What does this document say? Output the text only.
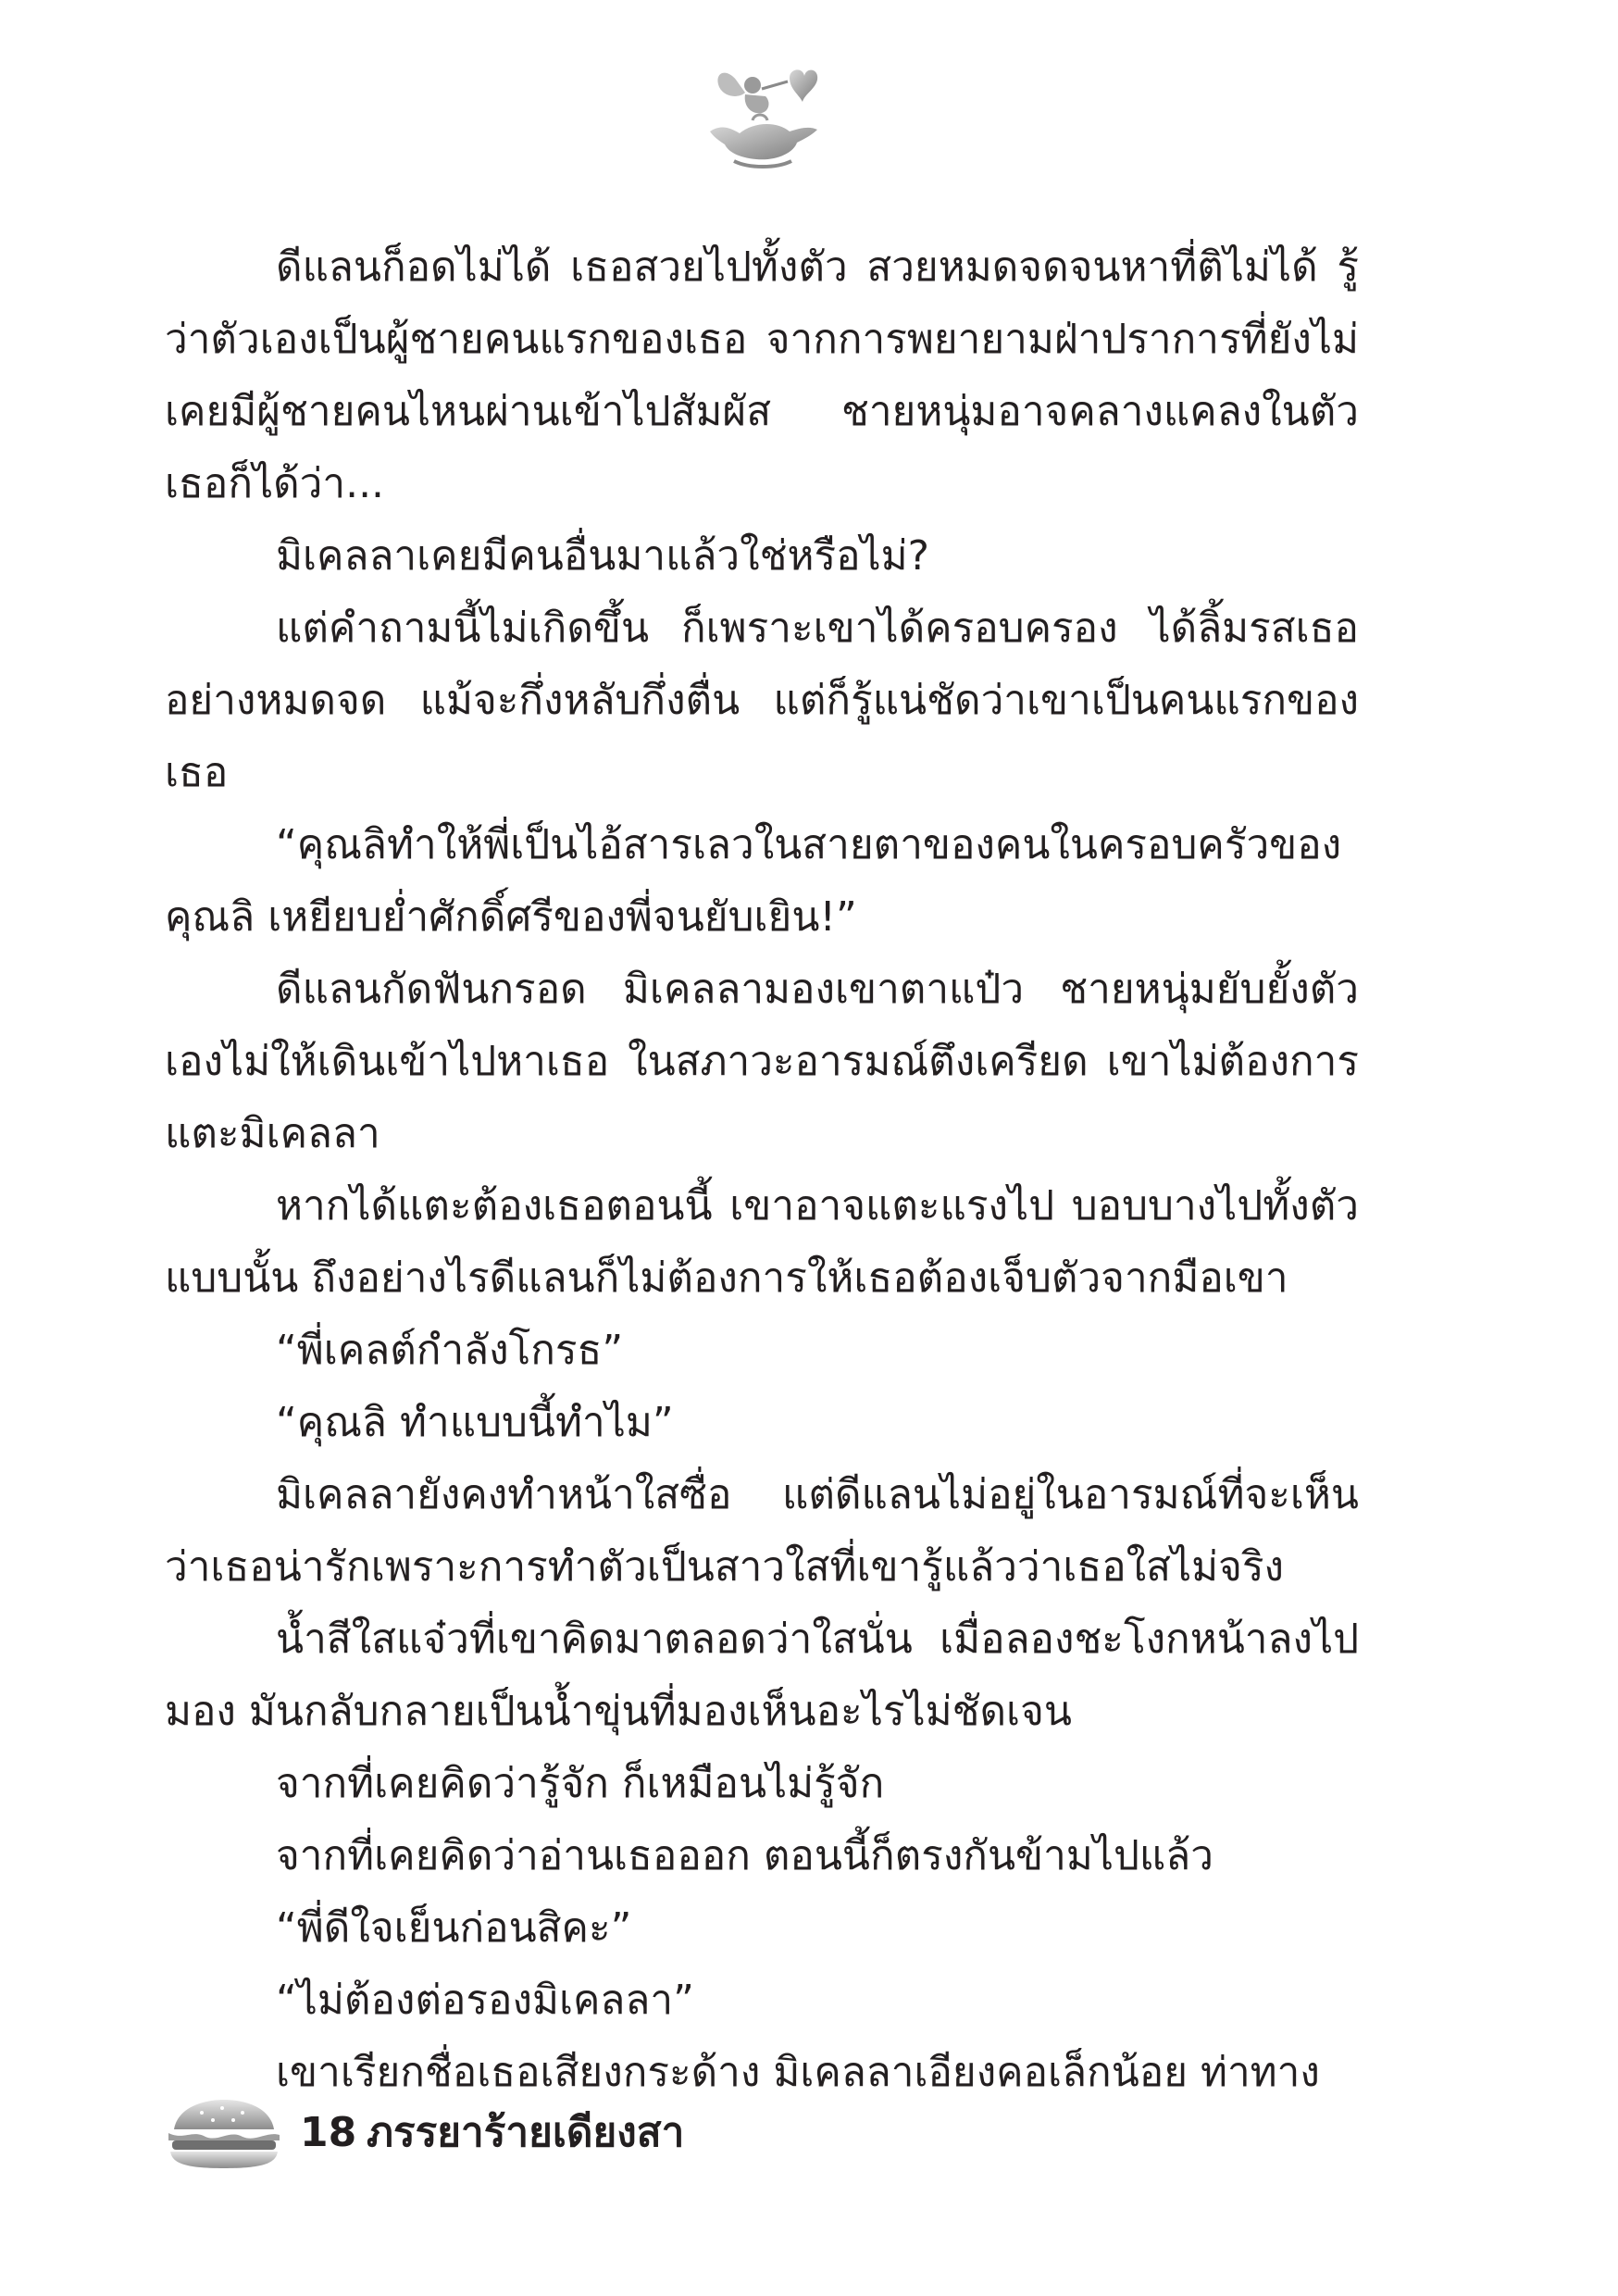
ดีแลนก็อดไม่ได้ เธอสวยไปทั้งตัว สวยหมดจดจนหาที่ติไม่ได้ รู้ว่าตัวเองเป็นผู้ชายคนแรกของเธอ จากการพยายามฝ่าปราการที่ยังไม่เคยมีผู้ชายคนไหนผ่านเข้าไปสัมผัส ชายหนุ่มอาจคลางแคลงในตัวเธอก็ได้ว่า...

มิเคลลาเคยมีคนอื่นมาแล้วใช่หรือไม่?

แต่คำถามนี้ไม่เกิดขึ้น ก็เพราะเขาได้ครอบครอง ได้ลิ้มรสเธออย่างหมดจด แม้จะกึ่งหลับกึ่งตื่น แต่ก็รู้แน่ชัดว่าเขาเป็นคนแรกของเธอ

“คุณลิทำให้พี่เป็นไอ้สารเลวในสายตาของคนในครอบครัวของคุณลิ เหยียบย่ำศักดิ์ศรีของพี่จนยับเยิน!”

ดีแลนกัดฟันกรอด มิเคลลามองเขาตาแป๋ว ชายหนุ่มยับยั้งตัวเองไม่ให้เดินเข้าไปหาเธอ ในสภาวะอารมณ์ตึงเครียด เขาไม่ต้องการแตะมิเคลลา

หากได้แตะต้องเธอตอนนี้ เขาอาจแตะแรงไป บอบบางไปทั้งตัวแบบนั้น ถึงอย่างไรดีแลนก็ไม่ต้องการให้เธอต้องเจ็บตัวจากมือเขา

“พี่เคลต์กำลังโกรธ”

“คุณลิ ทำแบบนี้ทำไม”

มิเคลลายังคงทำหน้าใสซื่อ แต่ดีแลนไม่อยู่ในอารมณ์ที่จะเห็นว่าเธอน่ารักเพราะการทำตัวเป็นสาวใสที่เขารู้แล้วว่าเธอใสไม่จริง

น้ำสีใสแจ๋วที่เขาคิดมาตลอดว่าใสนั่น เมื่อลองชะโงกหน้าลงไปมอง มันกลับกลายเป็นน้ำขุ่นที่มองเห็นอะไรไม่ชัดเจน

จากที่เคยคิดว่ารู้จัก ก็เหมือนไม่รู้จัก

จากที่เคยคิดว่าอ่านเธอออก ตอนนี้ก็ตรงกันข้ามไปแล้ว

“พี่ดีใจเย็นก่อนสิคะ”

“ไม่ต้องต่อรองมิเคลลา”

เขาเรียกชื่อเธอเสียงกระด้าง มิเคลลาเอียงคอเล็กน้อย ท่าทาง

18 ภรรยาร้ายเดียงสา
